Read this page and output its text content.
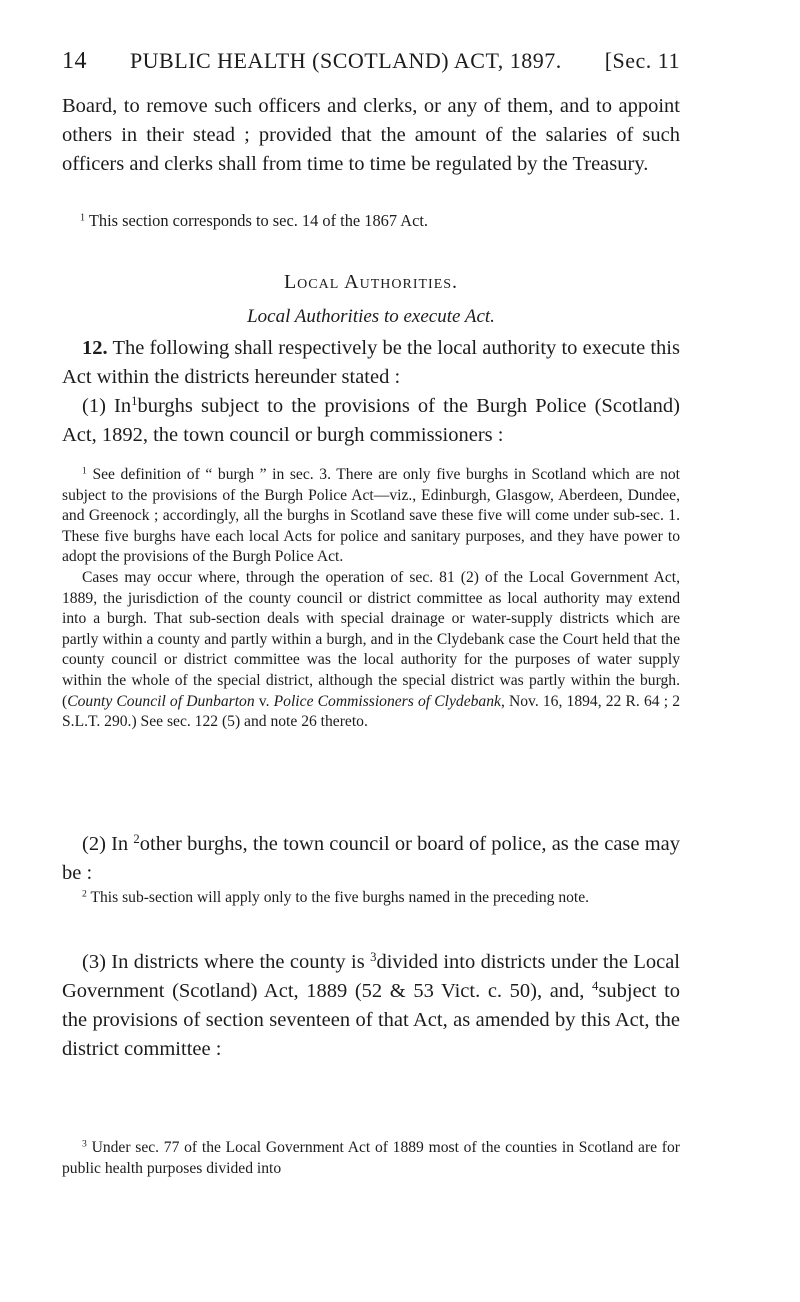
14 PUBLIC HEALTH (SCOTLAND) ACT, 1897. [Sec. 11

Board, to remove such officers and clerks, or any of them, and to appoint others in their stead ; provided that the amount of the salaries of such officers and clerks shall from time to time be regulated by the Treasury.

$^1$ This section corresponds to sec. 14 of the 1867 Act.

Local Authorities.

Local Authorities to execute Act.

12. The following shall respectively be the local authority to execute this Act within the districts hereunder stated :

(1) In$^1$burghs subject to the provisions of the Burgh Police (Scotland) Act, 1892, the town council or burgh commissioners :

$^1$ See definition of “ burgh ” in sec. 3. There are only five burghs in Scotland which are not subject to the provisions of the Burgh Police Act—viz., Edinburgh, Glasgow, Aberdeen, Dundee, and Greenock ; accordingly, all the burghs in Scotland save these five will come under sub-sec. 1. These five burghs have each local Acts for police and sanitary purposes, and they have power to adopt the provisions of the Burgh Police Act.

Cases may occur where, through the operation of sec. 81 (2) of the Local Government Act, 1889, the jurisdiction of the county council or district committee as local authority may extend into a burgh. That sub-section deals with special drainage or water-supply districts which are partly within a county and partly within a burgh, and in the Clydebank case the Court held that the county council or district committee was the local authority for the purposes of water supply within the whole of the special district, although the special district was partly within the burgh. (County Council of Dunbarton v. Police Commissioners of Clydebank, Nov. 16, 1894, 22 R. 64 ; 2 S.L.T. 290.) See sec. 122 (5) and note 26 thereto.

(2) In $^2$other burghs, the town council or board of police, as the case may be :

$^2$ This sub-section will apply only to the five burghs named in the preceding note.

(3) In districts where the county is $^3$divided into districts under the Local Government (Scotland) Act, 1889 (52 & 53 Vict. c. 50), and, $^4$subject to the provisions of section seventeen of that Act, as amended by this Act, the district committee :

$^3$ Under sec. 77 of the Local Government Act of 1889 most of the counties in Scotland are for public health purposes divided into
